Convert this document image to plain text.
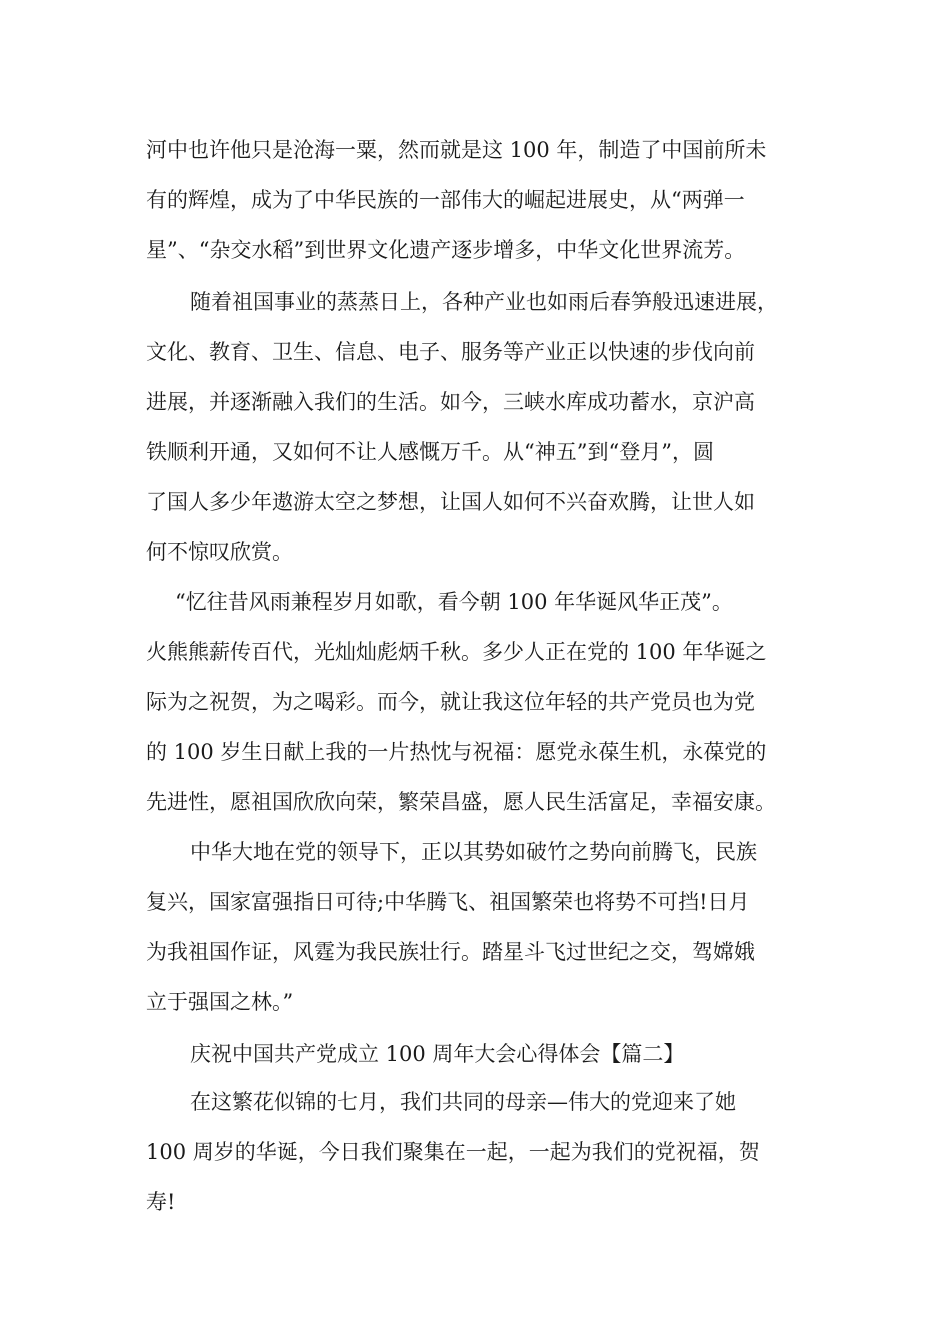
河中也许他只是沧海一粟，然而就是这 100 年，制造了中国前所未

有的辉煌，成为了中华民族的一部伟大的崛起进展史，从“两弹一

星”、“杂交水稻”到世界文化遗产逐步增多，中华文化世界流芳。

随着祖国事业的蒸蒸日上，各种产业也如雨后春笋般迅速进展，

文化、教育、卫生、信息、电子、服务等产业正以快速的步伐向前

进展，并逐渐融入我们的生活。如今，三峡水库成功蓄水，京沪高

铁顺利开通，又如何不让人感慨万千。从“神五”到“登月”，圆

了国人多少年遨游太空之梦想，让国人如何不兴奋欢腾，让世人如

何不惊叹欣赏。

“忆往昔风雨兼程岁月如歌，看今朝 100 年华诞风华正茂”。

火熊熊薪传百代，光灿灿彪炳千秋。多少人正在党的 100 年华诞之

际为之祝贺，为之喝彩。而今，就让我这位年轻的共产党员也为党

的 100 岁生日献上我的一片热忱与祝福：愿党永葆生机，永葆党的

先进性，愿祖国欣欣向荣，繁荣昌盛，愿人民生活富足，幸福安康。

中华大地在党的领导下，正以其势如破竹之势向前腾飞，民族

复兴，国家富强指日可待;中华腾飞、祖国繁荣也将势不可挡!日月

为我祖国作证，风霆为我民族壮行。踏星斗飞过世纪之交，驾嫦娥

立于强国之林。”

庆祝中国共产党成立 100 周年大会心得体会【篇二】

在这繁花似锦的七月，我们共同的母亲—伟大的党迎来了她

100 周岁的华诞，今日我们聚集在一起，一起为我们的党祝福，贺

寿!
